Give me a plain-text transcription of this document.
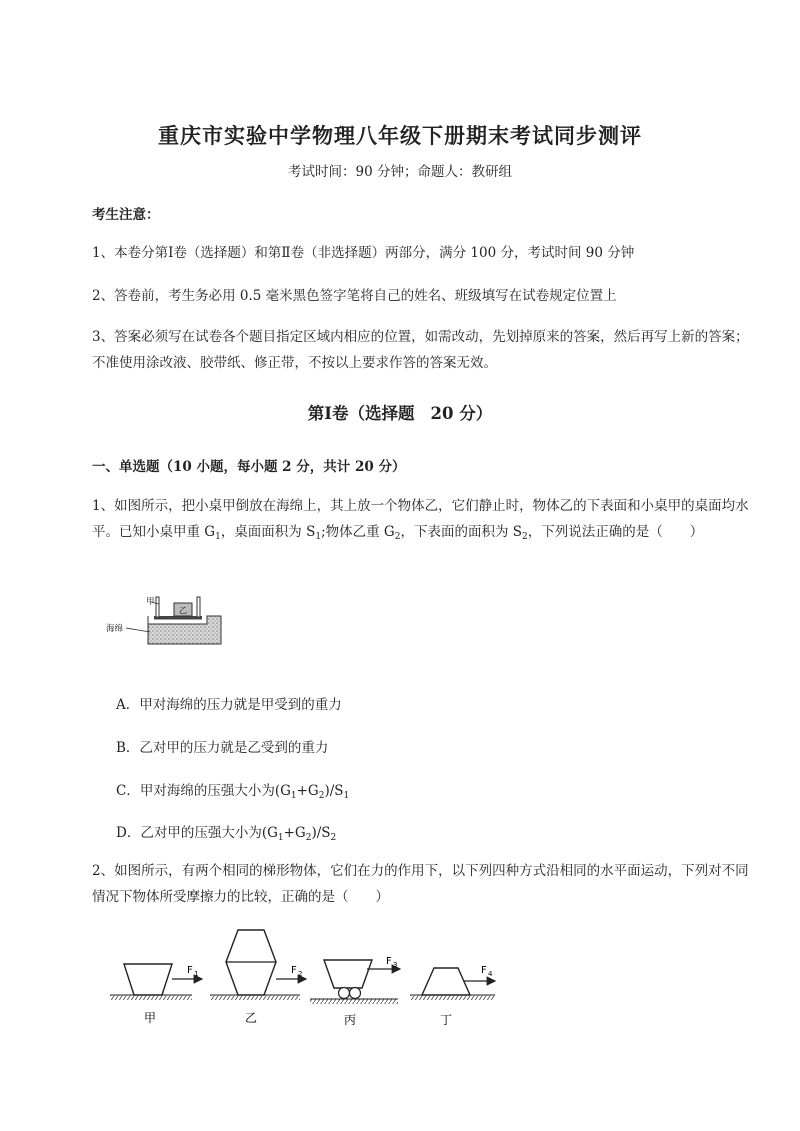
重庆市实验中学物理八年级下册期末考试同步测评
考试时间：90 分钟；命题人：教研组
考生注意：
1、本卷分第Ⅰ卷（选择题）和第Ⅱ卷（非选择题）两部分，满分 100 分，考试时间 90 分钟
2、答卷前，考生务必用 0.5 毫米黑色签字笔将自己的姓名、班级填写在试卷规定位置上
3、答案必须写在试卷各个题目指定区域内相应的位置，如需改动，先划掉原来的答案，然后再写上新的答案；不准使用涂改液、胶带纸、修正带，不按以上要求作答的答案无效。
第Ⅰ卷（选择题 20 分）
一、单选题（10 小题，每小题 2 分，共计 20 分）
1、如图所示，把小桌甲倒放在海绵上，其上放一个物体乙，它们静止时，物体乙的下表面和小桌甲的桌面均水平。已知小桌甲重 $G_1$，桌面面积为 $S_1$;物体乙重 $G_2$，下表面的面积为 $S_2$，下列说法正确的是（　　）
乙
甲
海绵
A．甲对海绵的压力就是甲受到的重力
B．乙对甲的压力就是乙受到的重力
C．甲对海绵的压强大小为$(G_1+G_2)/S_1$
D．乙对甲的压强大小为$(G_1+G_2)/S_2$
2、如图所示，有两个相同的梯形物体，它们在力的作用下，以下列四种方式沿相同的水平面运动，下列对不同情况下物体所受摩擦力的比较，正确的是（　　）
F 1	F 2
F 3	F 4
甲	乙	丙	丁
